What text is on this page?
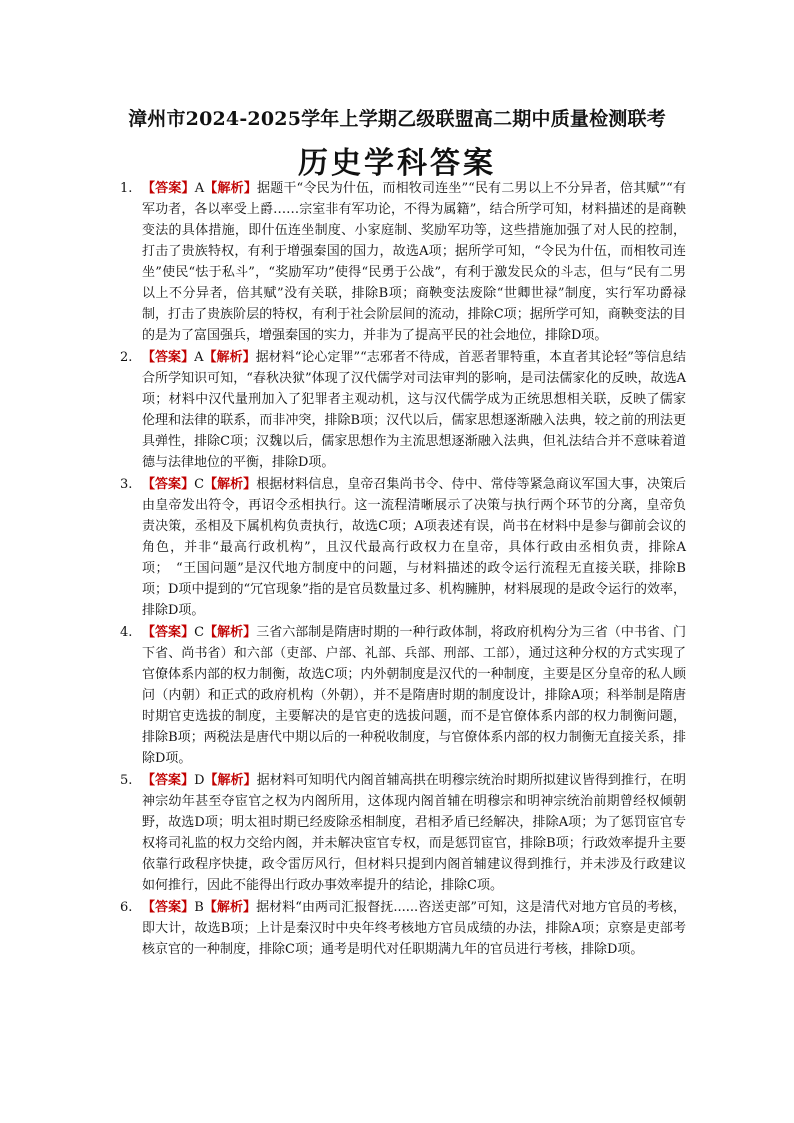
漳州市2024-2025学年上学期乙级联盟高二期中质量检测联考
历史学科答案
1. 【答案】A【解析】据题干“令民为什伍，而相牧司连坐”“民有二男以上不分异者，倍其赋”“有军功者，各以率受上爵……宗室非有军功论，不得为属籍”，结合所学可知，材料描述的是商鞅变法的具体措施，即什伍连坐制度、小家庭制、奖励军功等，这些措施加强了对人民的控制，打击了贵族特权，有利于增强秦国的国力，故选A项；据所学可知，“令民为什伍，而相牧司连坐”使民“怯于私斗”，“奖励军功”使得“民勇于公战”，有利于激发民众的斗志，但与“民有二男以上不分异者，倍其赋”没有关联，排除B项；商鞅变法废除“世卿世禄”制度，实行军功爵禄制，打击了贵族阶层的特权，有利于社会阶层间的流动，排除C项；据所学可知，商鞅变法的目的是为了富国强兵，增强秦国的实力，并非为了提高平民的社会地位，排除D项。
2. 【答案】A【解析】据材料“论心定罪”“志邪者不待成，首恶者罪特重，本直者其论轻”等信息结合所学知识可知，“春秋决狱”体现了汉代儒学对司法审判的影响，是司法儒家化的反映，故选A项；材料中汉代量刑加入了犯罪者主观动机，这与汉代儒学成为正统思想相关联，反映了儒家伦理和法律的联系，而非冲突，排除B项；汉代以后，儒家思想逐渐融入法典，较之前的刑法更具弹性，排除C项；汉魏以后，儒家思想作为主流思想逐渐融入法典，但礼法结合并不意味着道德与法律地位的平衡，排除D项。
3. 【答案】C【解析】根据材料信息，皇帝召集尚书令、侍中、常侍等紧急商议军国大事，决策后由皇帝发出符令，再诏令丞相执行。这一流程清晰展示了决策与执行两个环节的分离，皇帝负责决策，丞相及下属机构负责执行，故选C项；A项表述有误，尚书在材料中是参与御前会议的角色，并非“最高行政机构”，且汉代最高行政权力在皇帝，具体行政由丞相负责，排除A项；　“王国问题”是汉代地方制度中的问题，与材料描述的政令运行流程无直接关联，排除B项；D项中提到的“冗官现象”指的是官员数量过多、机构臃肿，材料展现的是政令运行的效率，排除D项。
4. 【答案】C【解析】三省六部制是隋唐时期的一种行政体制，将政府机构分为三省（中书省、门下省、尚书省）和六部（吏部、户部、礼部、兵部、刑部、工部），通过这种分权的方式实现了官僚体系内部的权力制衡，故选C项；内外朝制度是汉代的一种制度，主要是区分皇帝的私人顾问（内朝）和正式的政府机构（外朝），并不是隋唐时期的制度设计，排除A项；科举制是隋唐时期官吏选拔的制度，主要解决的是官吏的选拔问题，而不是官僚体系内部的权力制衡问题，排除B项；两税法是唐代中期以后的一种税收制度，与官僚体系内部的权力制衡无直接关系，排除D项。
5. 【答案】D【解析】据材料可知明代内阁首辅高拱在明穆宗统治时期所拟建议皆得到推行，在明神宗幼年甚至夺宦官之权为内阁所用，这体现内阁首辅在明穆宗和明神宗统治前期曾经权倾朝野，故选D项；明太祖时期已经废除丞相制度，君相矛盾已经解决，排除A项；为了惩罚宦官专权将司礼监的权力交给内阁，并未解决宦官专权，而是惩罚宦官，排除B项；行政效率提升主要依靠行政程序快捷，政令雷厉风行，但材料只提到内阁首辅建议得到推行，并未涉及行政建议如何推行，因此不能得出行政办事效率提升的结论，排除C项。
6. 【答案】B【解析】据材料“由两司汇报督抚......咨送吏部”可知，这是清代对地方官员的考核，即大计，故选B项；上计是秦汉时中央年终考核地方官员成绩的办法，排除A项；京察是吏部考核京官的一种制度，排除C项；通考是明代对任职期满九年的官员进行考核，排除D项。
